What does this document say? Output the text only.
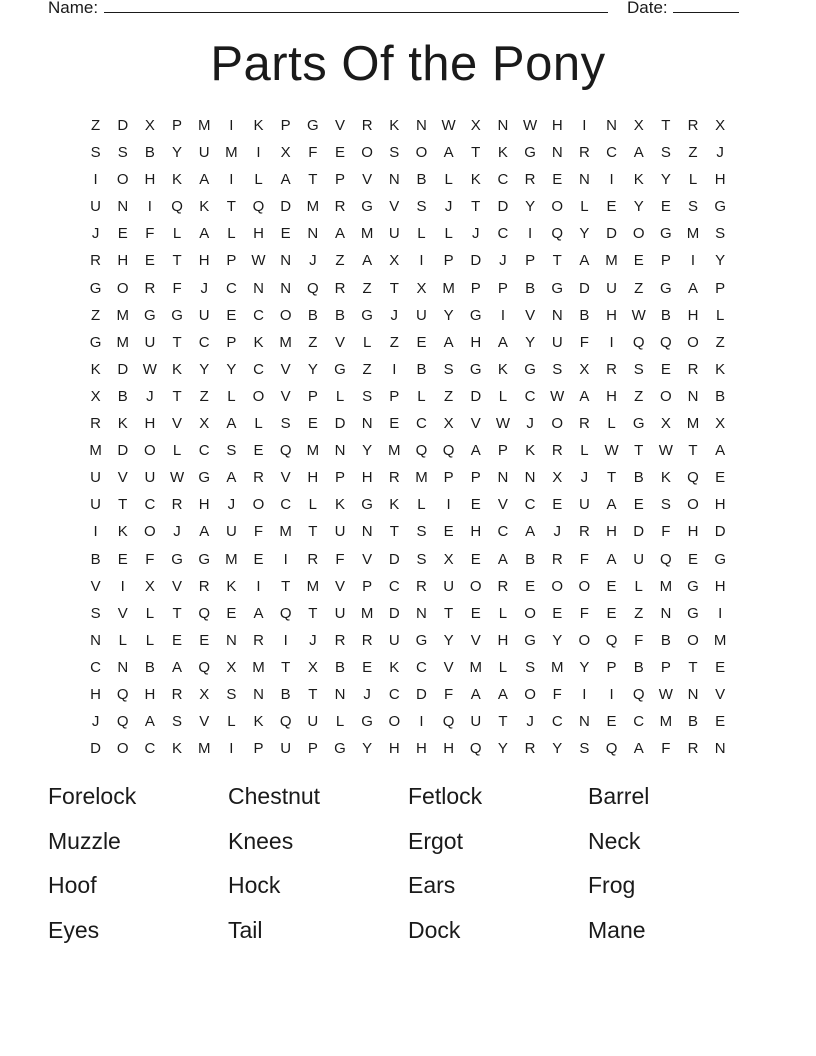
Name:	Date:
Parts Of the Pony
Z	D	X	P	M	I	K	P	G	V	R	K	N W	X	N W H	I	N	X	T	R	X
S	S	B	Y	U	M	I	X	F	E	O	S	O	A	T	K	G	N	R	C	A	S	Z	J
I	O	H	K	A	I	L	A	T	P	V	N	B	L	K	C	R	E	N	I	K	Y	L	H
U	N	I	Q	K	T	Q	D	M	R	G	V	S	J	T	D	Y	O	L	E	Y	E	S	G
J	E	F	L	A	L	H	E	N	A	M	U	L	L	J	C	I	Q	Y	D	O	G	M	S
R	H	E	T	H	P	W N	J	Z	A	X	I	P	D	J	P	T	A	M	E	P	I	Y
G	O	R	F	J	C	N	N	Q	R	Z	T	X	M	P	P	B	G	D	U	Z	G	A	P
Z	M	G	G	U	E	C	O	B	B	G	J	U	Y	G	I	V	N	B	H W	B	H	L
G	M	U	T	C	P	K	M	Z	V	L	Z	E	A	H	A	Y	U	F	I	Q	Q	O	Z
K	D W	K	Y	Y	C	V	Y	G	Z	I	B	S	G	K	G	S	X	R	S	E	R	K
X	B	J	T	Z	L	O	V	P	L	S	P	L	Z	D	L	C W	A	H	Z	O	N	B
R	K	H	V	X	A	L	S	E	D	N	E	C	X	V	W	J	O	R	L	G	X	M	X
M	D	O	L	C	S	E	Q	M	N	Y	M	Q	Q	A	P	K	R	L	W	T	W	T	A
U	V	U W G	A	R	V	H	P	H	R	M	P	P	N	N	X	J	T	B	K	Q	E
U	T	C	R	H	J	O	C	L	K	G	K	L	I	E	V	C	E	U	A	E	S	O	H
I	K	O	J	A	U	F	M	T	U	N	T	S	E	H	C	A	J	R	H	D	F	H	D
B	E	F	G	G	M	E	I	R	F	V	D	S	X	E	A	B	R	F	A	U	Q	E	G
V	I	X	V	R	K	I	T	M	V	P	C	R	U	O	R	E	O	O	E	L	M	G	H
S	V	L	T	Q	E	A	Q	T	U	M	D	N	T	E	L	O	E	F	E	Z	N	G	I
N	L	L	E	E	N	R	I	J	R	R	U	G	Y	V	H	G	Y	O	Q	F	B	O	M
C	N	B	A	Q	X	M	T	X	B	E	K	C	V	M	L	S	M	Y	P	B	P	T	E
H	Q	H	R	X	S	N	B	T	N	J	C	D	F	A	A	O	F	I	I	Q W N	V
J	Q	A	S	V	L	K	Q	U	L	G	O	I	Q	U	T	J	C	N	E	C	M	B	E
D	O	C	K	M	I	P	U	P	G	Y	H	H	H	Q	Y	R	Y	S	Q	A	F	R	N
Forelock	Chestnut	Fetlock	Barrel
Muzzle	Knees	Ergot	Neck
Hoof	Hock	Ears	Frog
Eyes	Tail	Dock	Mane
